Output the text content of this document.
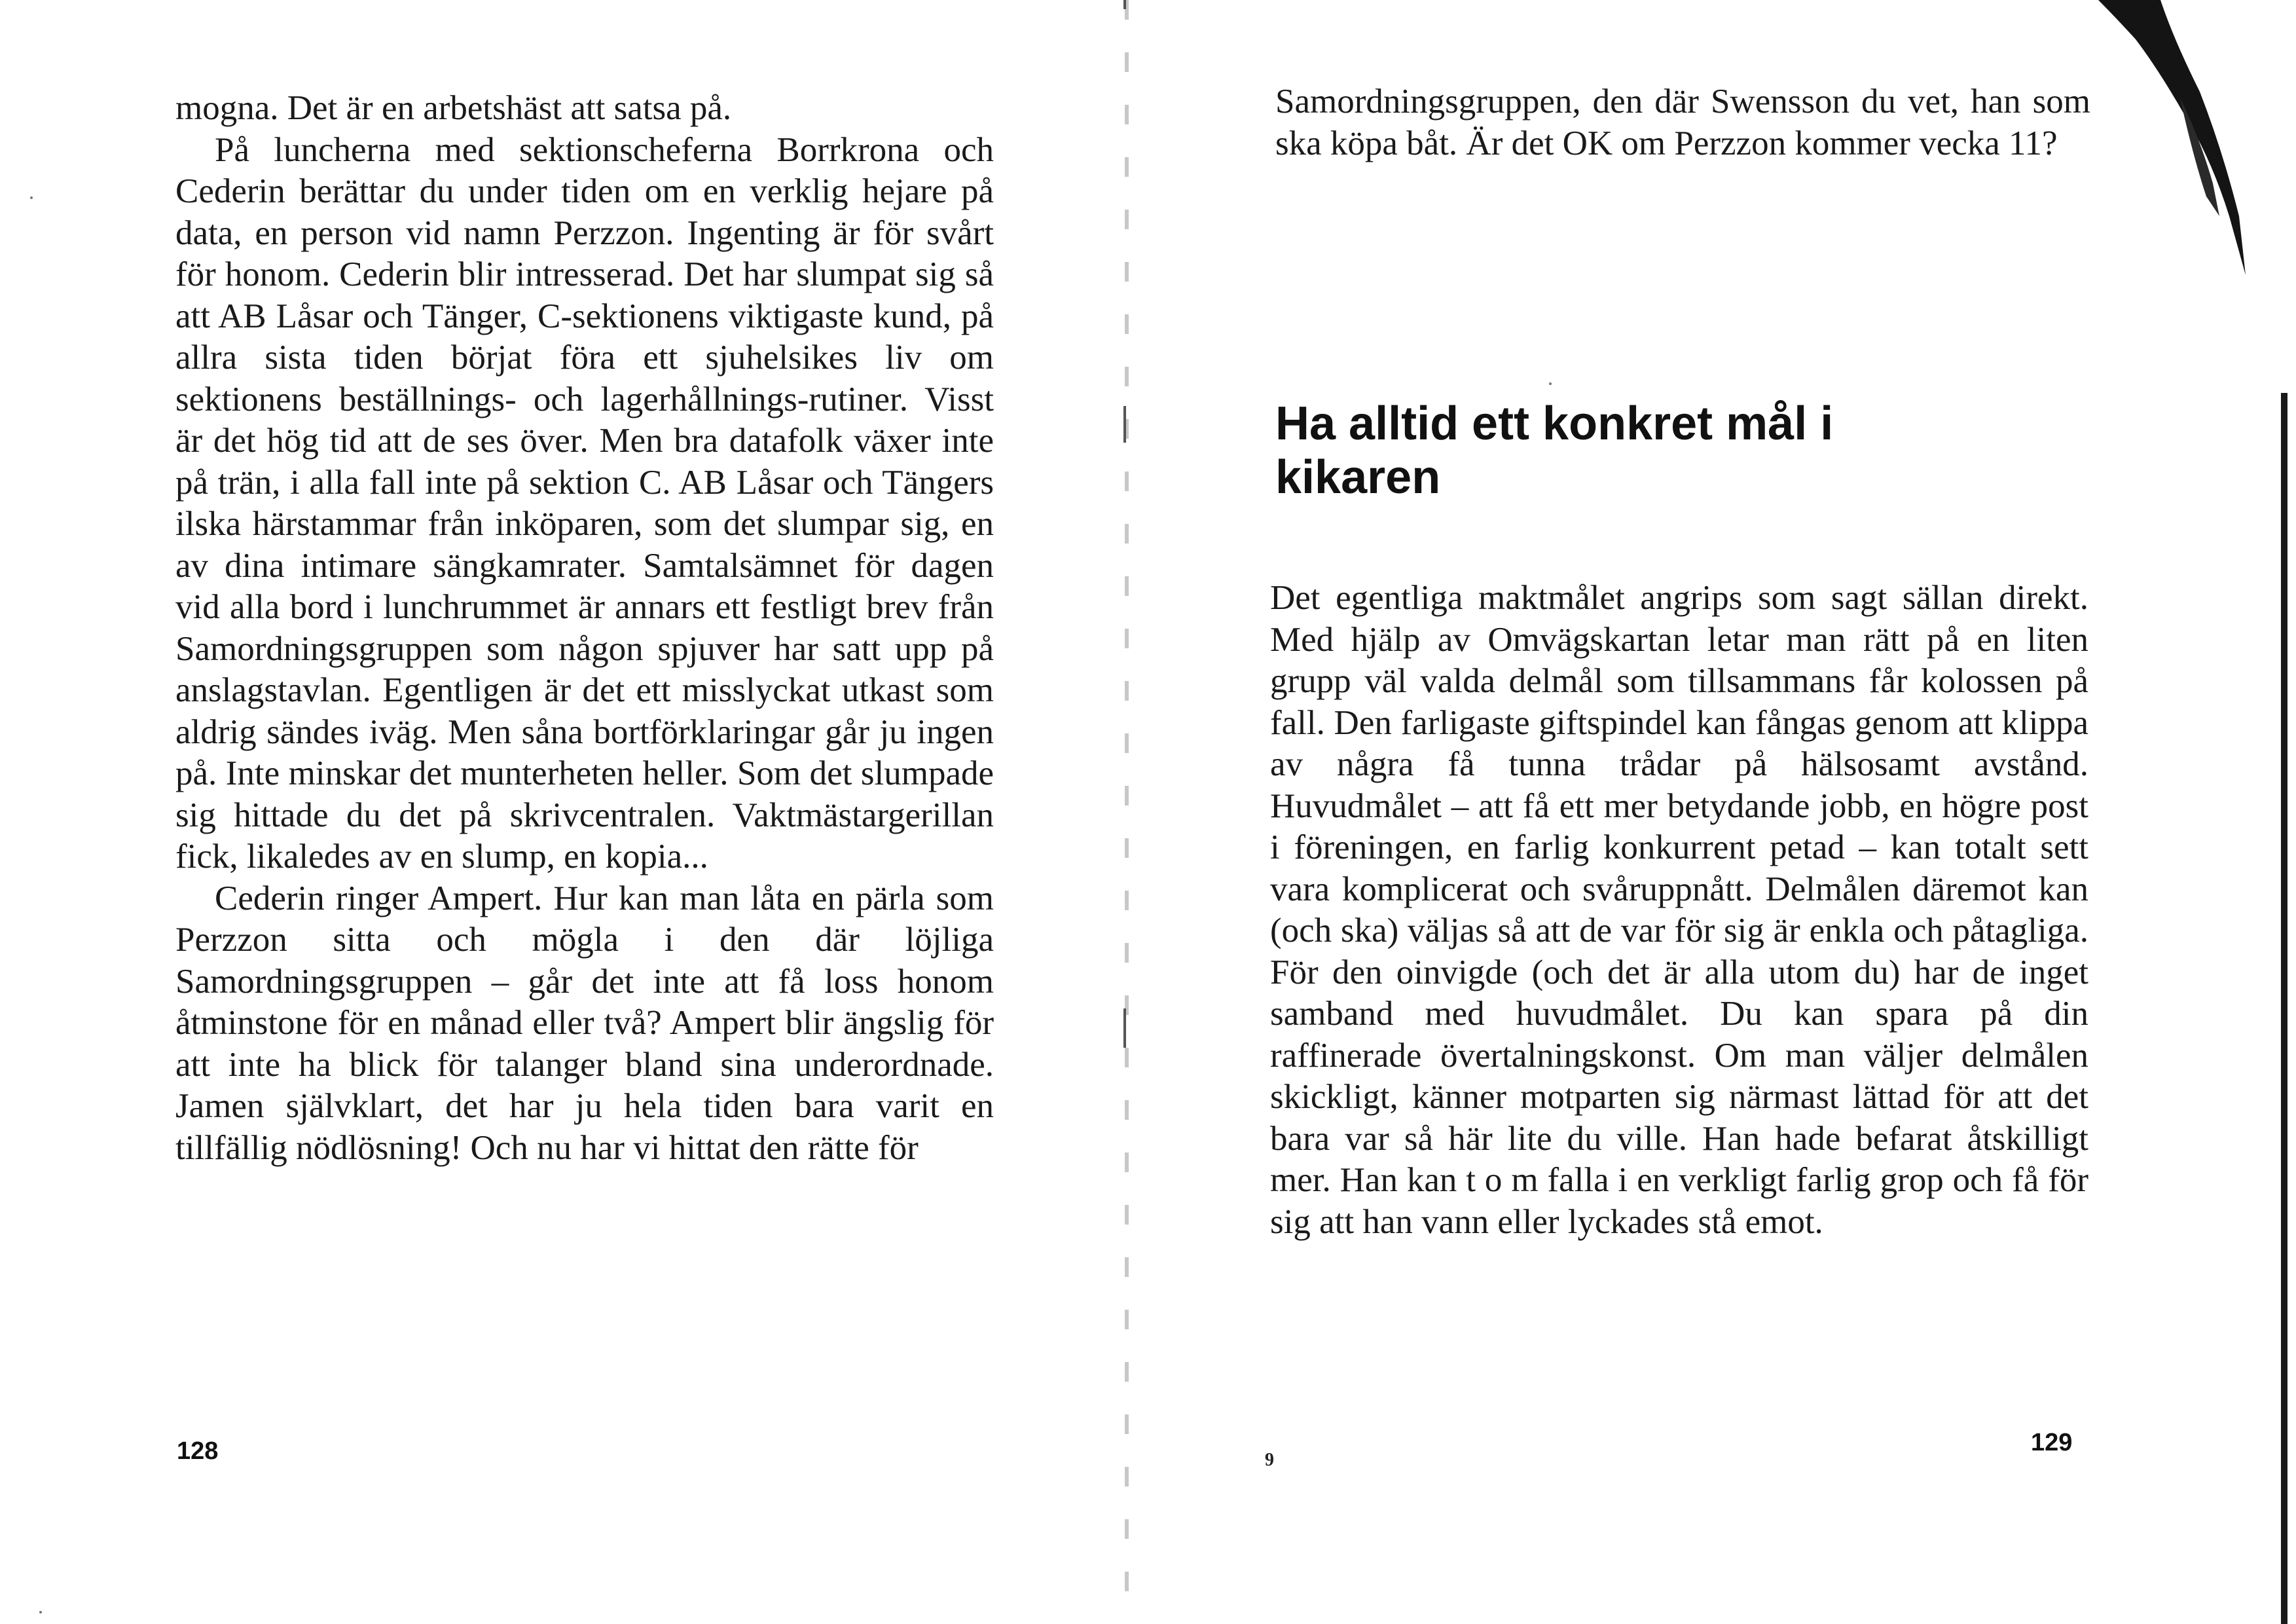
mogna. Det är en arbetshäst att satsa på.

På luncherna med sektionscheferna Borrkrona och Cederin berättar du under tiden om en verklig hejare på data, en person vid namn Perzzon. Ingenting är för svårt för honom. Cederin blir intresserad. Det har slumpat sig så att AB Låsar och Tänger, C-sektionens viktigaste kund, på allra sista tiden börjat föra ett sjuhelsikes liv om sektionens beställnings- och lagerhållnings-rutiner. Visst är det hög tid att de ses över. Men bra datafolk växer inte på trän, i alla fall inte på sektion C. AB Låsar och Tängers ilska härstammar från inköparen, som det slumpar sig, en av dina intimare sängkamrater. Samtalsämnet för dagen vid alla bord i lunchrummet är annars ett festligt brev från Samordningsgruppen som någon spjuver har satt upp på anslagstavlan. Egentligen är det ett misslyckat utkast som aldrig sändes iväg. Men såna bortförklaringar går ju ingen på. Inte minskar det munterheten heller. Som det slumpade sig hittade du det på skrivcentralen. Vaktmästargerillan fick, likaledes av en slump, en kopia...

Cederin ringer Ampert. Hur kan man låta en pärla som Perzzon sitta och mögla i den där löjliga Samordningsgruppen – går det inte att få loss honom åtminstone för en månad eller två? Ampert blir ängslig för att inte ha blick för talanger bland sina underordnade. Jamen självklart, det har ju hela tiden bara varit en tillfällig nödlösning! Och nu har vi hittat den rätte för

128

Samordningsgruppen, den där Swensson du vet, han som ska köpa båt. Är det OK om Perzzon kommer vecka 11?

Ha alltid ett konkret mål i kikaren

Det egentliga maktmålet angrips som sagt sällan direkt. Med hjälp av Omvägskartan letar man rätt på en liten grupp väl valda delmål som tillsammans får kolossen på fall. Den farligaste giftspindel kan fångas genom att klippa av några få tunna trådar på hälsosamt avstånd. Huvudmålet – att få ett mer betydande jobb, en högre post i föreningen, en farlig konkurrent petad – kan totalt sett vara komplicerat och svåruppnått. Delmålen däremot kan (och ska) väljas så att de var för sig är enkla och påtagliga. För den oinvigde (och det är alla utom du) har de inget samband med huvudmålet. Du kan spara på din raffinerade övertalningskonst. Om man väljer delmålen skickligt, känner motparten sig närmast lättad för att det bara var så här lite du ville. Han hade befarat åtskilligt mer. Han kan t o m falla i en verkligt farlig grop och få för sig att han vann eller lyckades stå emot.

9
129
